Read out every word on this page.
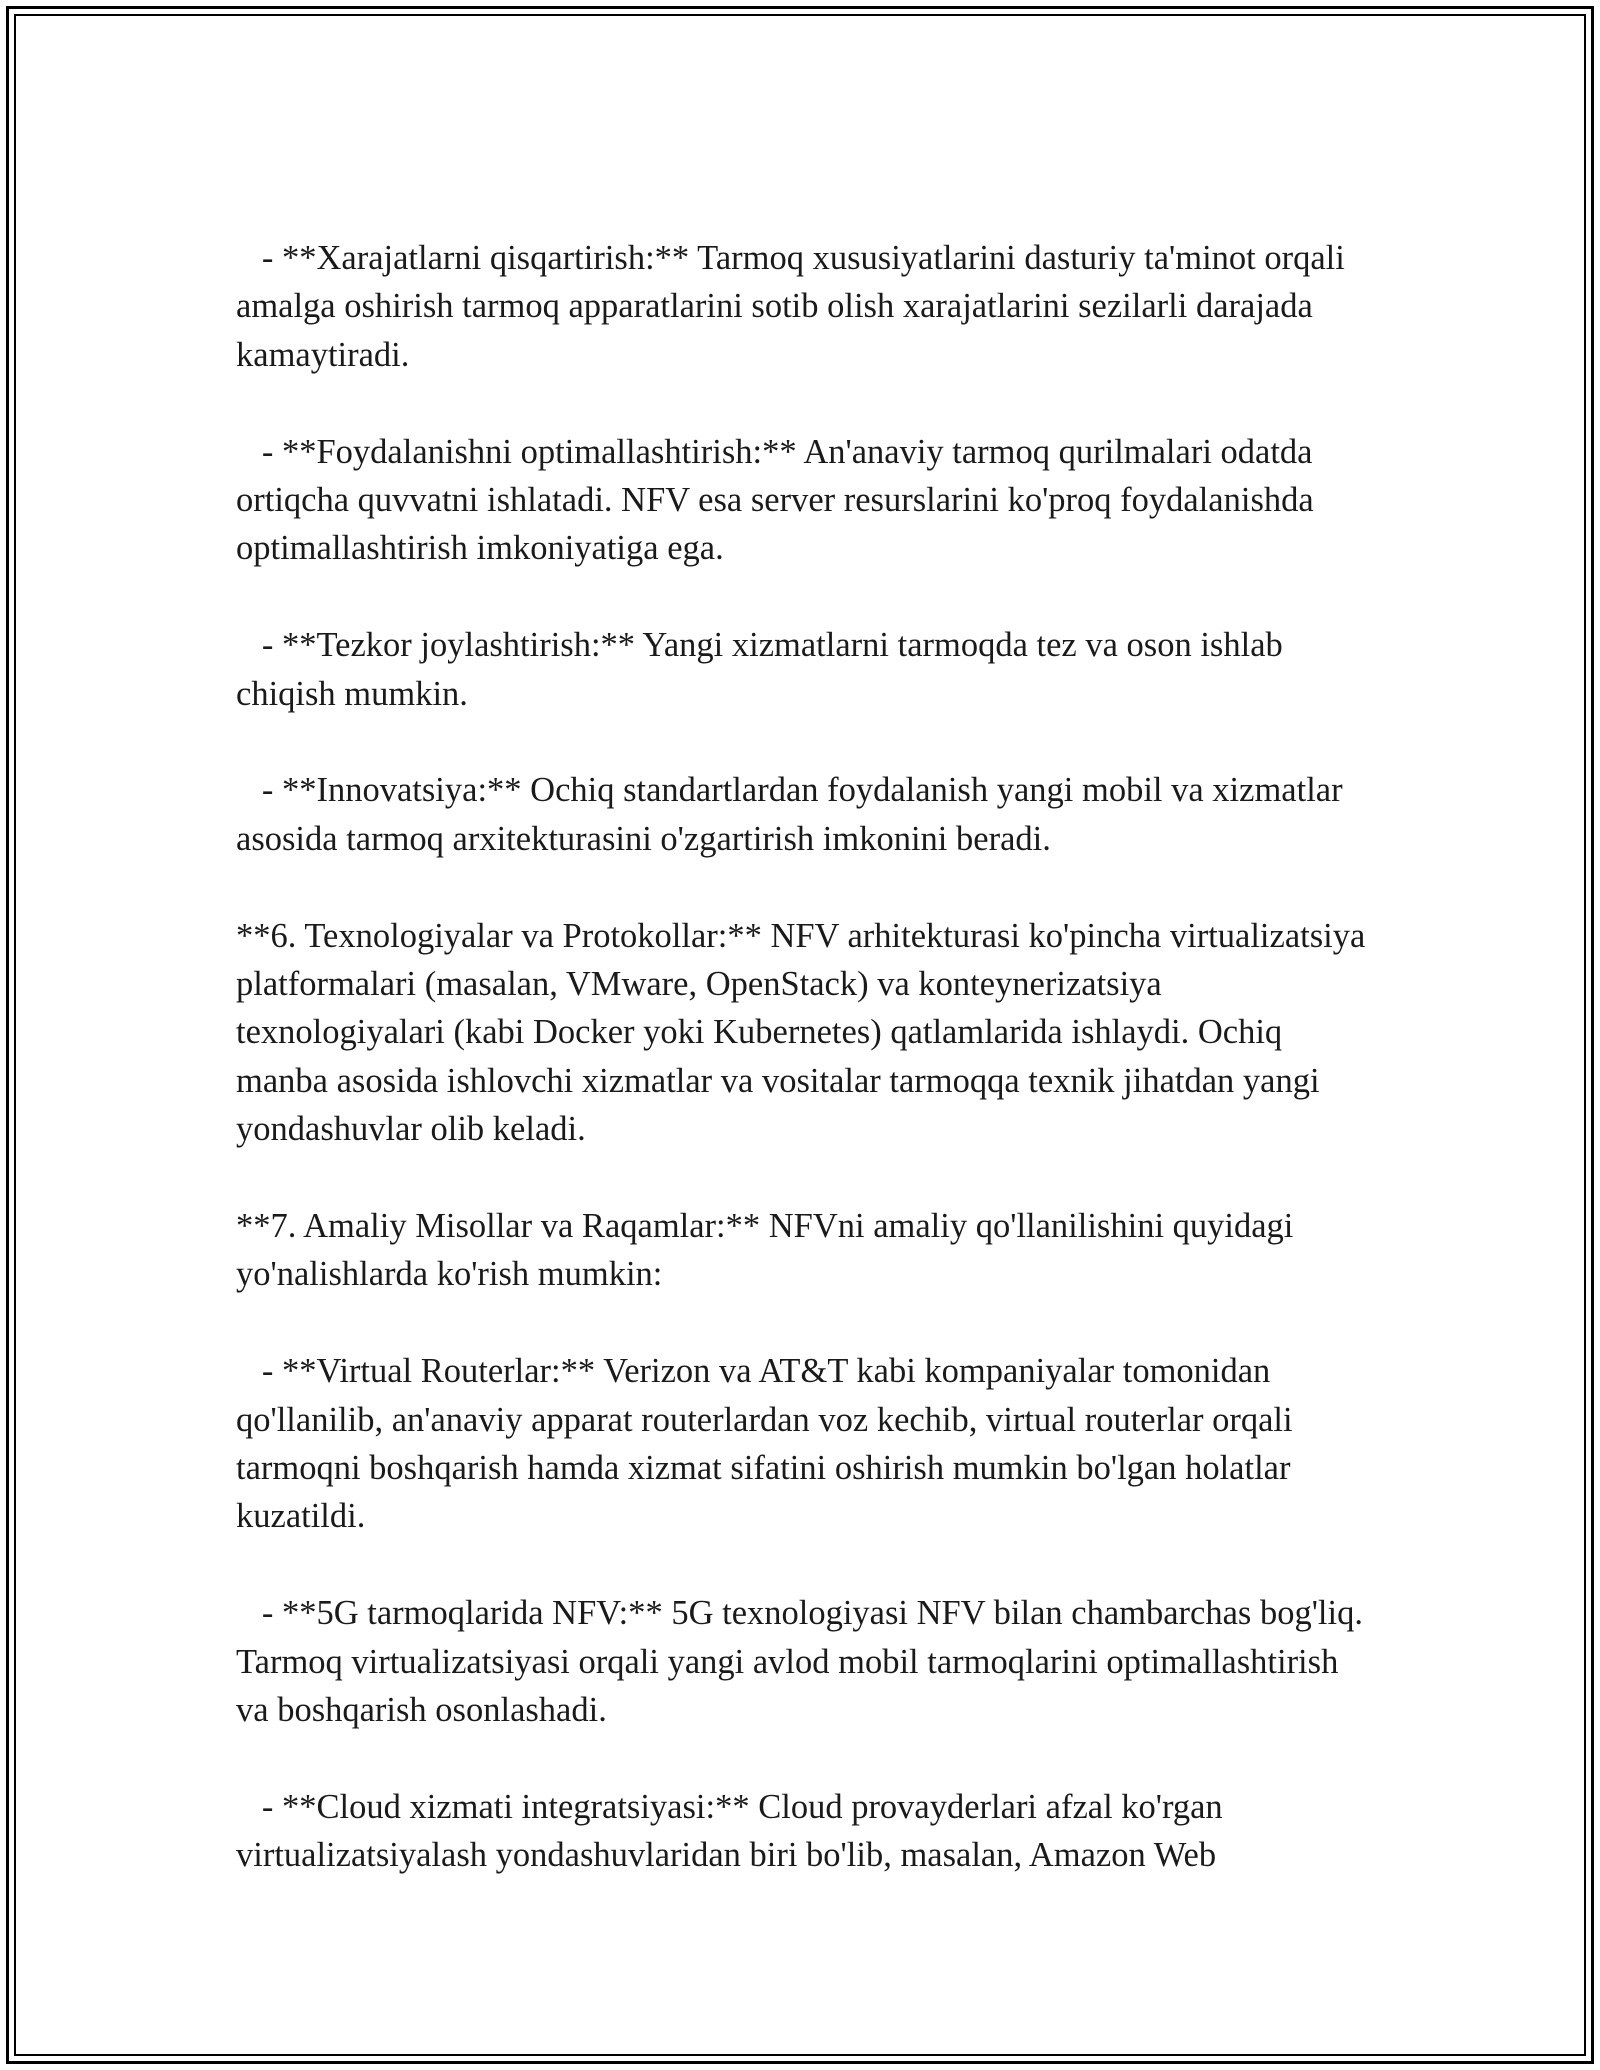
- **Xarajatlarni qisqartirish:** Tarmoq xususiyatlarini dasturiy ta'minot orqali amalga oshirish tarmoq apparatlarini sotib olish xarajatlarini sezilarli darajada kamaytiradi.

- **Foydalanishni optimallashtirish:** An'anaviy tarmoq qurilmalari odatda ortiqcha quvvatni ishlatadi. NFV esa server resurslarini ko'proq foydalanishda optimallashtirish imkoniyatiga ega.

- **Tezkor joylashtirish:** Yangi xizmatlarni tarmoqda tez va oson ishlab chiqish mumkin.

- **Innovatsiya:** Ochiq standartlardan foydalanish yangi mobil va xizmatlar asosida tarmoq arxitekturasini o'zgartirish imkonini beradi.

**6. Texnologiyalar va Protokollar:** NFV arhitekturasi ko'pincha virtualizatsiya platformalari (masalan, VMware, OpenStack) va konteynerizatsiya texnologiyalari (kabi Docker yoki Kubernetes) qatlamlarida ishlaydi. Ochiq manba asosida ishlovchi xizmatlar va vositalar tarmoqqa texnik jihatdan yangi yondashuvlar olib keladi.

**7. Amaliy Misollar va Raqamlar:** NFVni amaliy qo'llanilishini quyidagi yo'nalishlarda ko'rish mumkin:

- **Virtual Routerlar:** Verizon va AT&T kabi kompaniyalar tomonidan qo'llanilib, an'anaviy apparat routerlardan voz kechib, virtual routerlar orqali tarmoqni boshqarish hamda xizmat sifatini oshirish mumkin bo'lgan holatlar kuzatildi.

- **5G tarmoqlarida NFV:** 5G texnologiyasi NFV bilan chambarchas bog'liq. Tarmoq virtualizatsiyasi orqali yangi avlod mobil tarmoqlarini optimallashtirish va boshqarish osonlashadi.

- **Cloud xizmati integratsiyasi:** Cloud provayderlari afzal ko'rgan virtualizatsiyalash yondashuvlaridan biri bo'lib, masalan, Amazon Web
